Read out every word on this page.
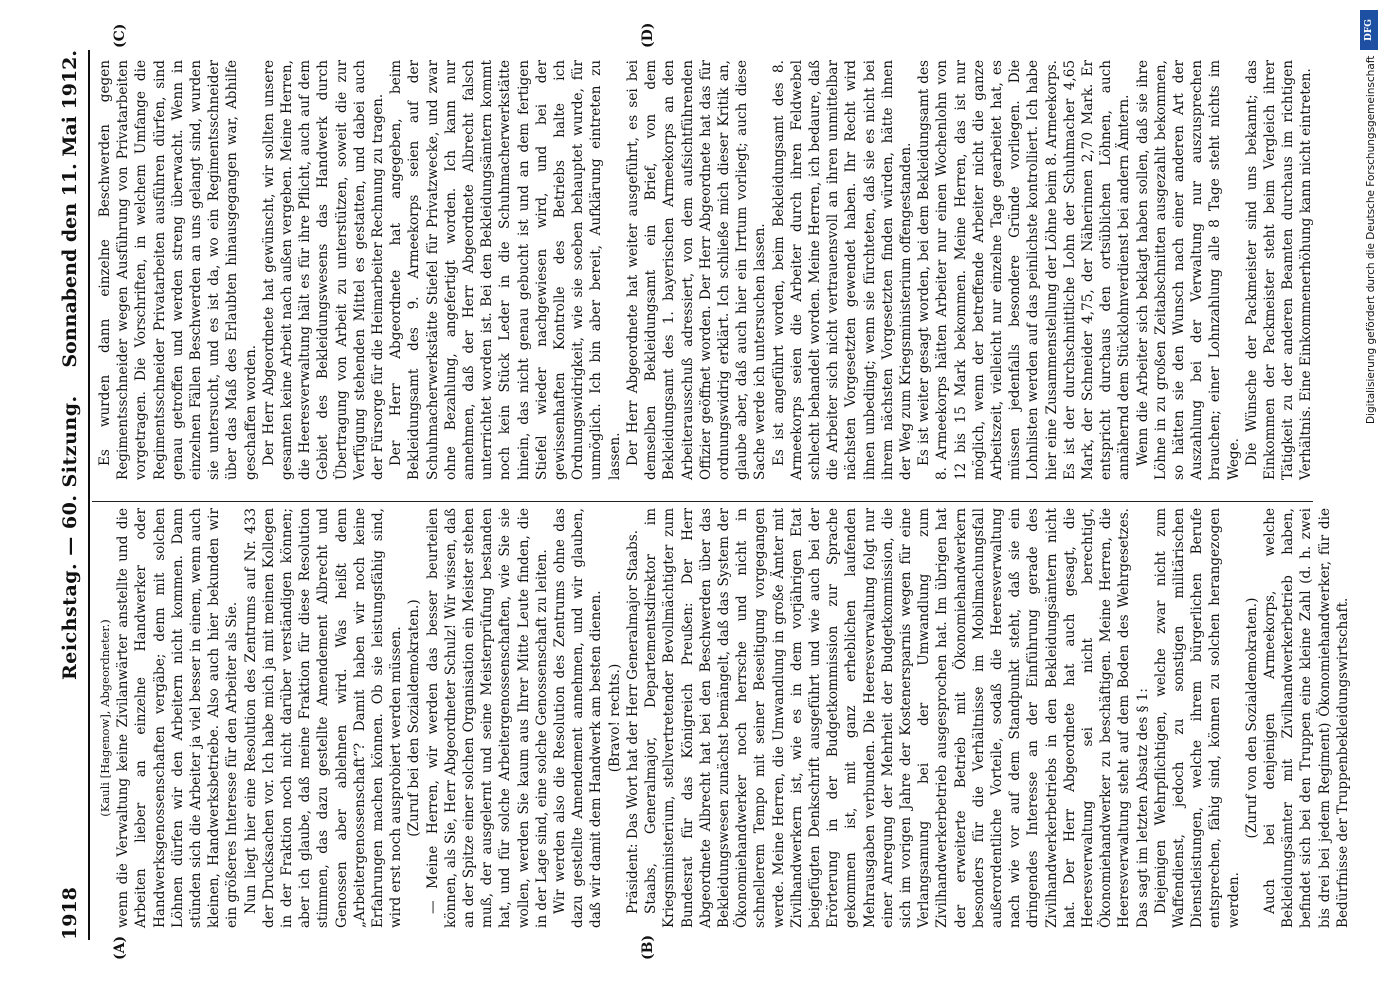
1918
Reichstag. — 60. Sitzung.
Sonnabend den 11. Mai 1912.
(A)	(B)
(C)	(D)

(Kauli [Hagenow], Abgeordneter.) wenn die Verwaltung keine Zivilanwärter anstellte und die Arbeiten lieber an einzelne Handwerker oder Handwerksgenossenschaften vergäbe; denn mit solchen Löhnen dürfen wir den Arbeitern nicht kommen. Dann stünden sich die Arbeiter ja viel besser in einem, wenn auch kleinen, Handwerksbetriebe. Also auch hier bekunden wir ein größeres Interesse für den Arbeiter als Sie. Nun liegt hier eine Resolution des Zentrums auf Nr. 433 der Drucksachen vor. Ich habe mich ja mit meinen Kollegen in der Fraktion noch nicht darüber verständigen können; aber ich glaube, daß meine Fraktion für diese Resolution stimmen, das dazu gestellte Amendement Albrecht und Genossen aber ablehnen wird. Was heißt denn „Arbeitergenossenschaft“? Damit haben wir noch keine Erfahrungen machen können. Ob sie leistungsfähig sind, wird erst noch ausprobiert werden müssen. (Zuruf bei den Sozialdemokraten.) — Meine Herren, wir werden das besser beurteilen können, als Sie, Herr Abgeordneter Schulz! Wir wissen, daß an der Spitze einer solchen Organisation ein Meister stehen muß, der ausgelernt und seine Meisterprüfung bestanden hat, und für solche Arbeitergenossenschaften, wie Sie sie wollen, werden Sie kaum aus Ihrer Mitte Leute finden, die in der Lage sind, eine solche Genossenschaft zu leiten. Wir werden also die Resolution des Zentrums ohne das dazu gestellte Amendement annehmen, und wir glauben, daß wir damit dem Handwerk am besten dienen. (Bravo! rechts.) Präsident: Das Wort hat der Herr Generalmajor Staabs. Staabs, Generalmajor, Departementsdirektor im Kriegsministerium, stellvertretender Bevollmächtigter zum Bundesrat für das Königreich Preußen: Der Herr Abgeordnete Albrecht hat bei den Beschwerden über das Bekleidungswesen zunächst bemängelt, daß das System der Ökonomiehandwerker noch herrsche und nicht in schnellerem Tempo mit seiner Beseitigung vorgegangen werde. Meine Herren, die Umwandlung in große Ämter mit Zivilhandwerkern ist, wie es in dem vorjährigen Etat beigefügten Denkschrift ausgeführt und wie auch bei der Erörterung in der Budgetkommission zur Sprache gekommen ist, mit ganz erheblichen laufenden Mehrausgaben verbunden. Die Heeresverwaltung folgt nur einer Anregung der Mehrheit der Budgetkommission, die sich im vorigen Jahre der Kostenersparnis wegen für eine Verlangsamung bei der Umwandlung zum Zivilhandwerkerbetrieb ausgesprochen hat. Im übrigen hat der erweiterte Betrieb mit Ökonomiehandwerkern besonders für die Verhältnisse im Mobilmachungsfall außerordentliche Vorteile, sodaß die Heeresverwaltung nach wie vor auf dem Standpunkt steht, daß sie ein dringendes Interesse an der Einführung gerade des Zivilhandwerkerbetriebs in den Bekleidungsämtern nicht hat. Der Herr Abgeordnete hat auch gesagt, die Heeresverwaltung sei nicht berechtigt, Ökonomiehandwerker zu beschäftigen. Meine Herren, die Heeresverwaltung steht auf dem Boden des Wehrgesetzes. Das sagt im letzten Absatz des § 1: Diejenigen Wehrpflichtigen, welche zwar nicht zum Waffendienst, jedoch zu sonstigen militärischen Dienstleistungen, welche ihrem bürgerlichen Berufe entsprechen, fähig sind, können zu solchen herangezogen werden.

(Zuruf von den Sozialdemokraten.) Auch bei denjenigen Armeekorps, welche Bekleidungsämter mit Zivilhandwerkerbetrieb haben, befindet sich bei den Truppen eine kleine Zahl (d. h. zwei bis drei bei jedem Regiment) Ökonomiehandwerker, für die Bedürfnisse der Truppenbekleidungswirtschaft.

Es wurden dann einzelne Beschwerden gegen Regimentsschneider wegen Ausführung von Privatarbeiten vorgetragen. Die Vorschriften, in welchem Umfange die Regimentsschneider Privatarbeiten ausführen dürfen, sind genau getroffen und werden streng überwacht. Wenn in einzelnen Fällen Beschwerden an uns gelangt sind, wurden sie untersucht, und es ist da, wo ein Regimentsschneider über das Maß des Erlaubten hinausgegangen war, Abhilfe geschaffen worden. Der Herr Abgeordnete hat gewünscht, wir sollten unsere gesamten keine Arbeit nach außen vergeben. Meine Herren, die Heeresverwaltung hält es für ihre Pflicht, auch auf dem Gebiet des Bekleidungswesens das Handwerk durch Übertragung von Arbeit zu unterstützen, soweit die zur Verfügung stehenden Mittel es gestatten, und dabei auch der Fürsorge für die Heimarbeiter Rechnung zu tragen. Der Herr Abgeordnete hat angegeben, beim Bekleidungsamt des 9. Armeekorps seien auf der Schuhmacherwerkstätte Stiefel für Privatzwecke, und zwar ohne Bezahlung, angefertigt worden. Ich kann nur annehmen, daß der Herr Abgeordnete Albrecht falsch unterrichtet worden ist. Bei den Bekleidungsämtern kommt noch kein Stück Leder in die Schuhmacherwerkstätte hinein, das nicht genau gebucht ist und an dem fertigen Stiefel wieder nachgewiesen wird, und bei der gewissenhaften Kontrolle des Betriebs halte ich Ordnungswidrigkeit, wie sie soeben behauptet wurde, für unmöglich. Ich bin aber bereit, Aufklärung eintreten zu lassen. Der Herr Abgeordnete hat weiter ausgeführt, es sei bei demselben Bekleidungsamt ein Brief, von dem Bekleidungsamt des 1. bayerischen Armeekorps an den Arbeiterausschuß adressiert, von dem aufsichtführenden Offizier geöffnet worden. Der Herr Abgeordnete hat das für ordnungswidrig erklärt. Ich schließe mich dieser Kritik an, glaube aber, daß auch hier ein Irrtum vorliegt; auch diese Sache werde ich untersuchen lassen. Es ist angeführt worden, beim Bekleidungsamt des 8. Armeekorps seien die Arbeiter durch ihren Feldwebel schlecht behandelt worden. Meine Herren, ich bedaure, daß die Arbeiter sich nicht vertrauensvoll an ihren unmittelbar nächsten Vorgesetzten gewendet haben. Ihr Recht wird ihnen unbedingt; wenn sie fürchteten, daß sie es nicht bei ihrem nächsten Vorgesetzten finden würden, hätte ihnen der Weg zum Kriegsministerium offengestanden. Es ist weiter gesagt worden, bei dem Bekleidungsamt des 8. Armeekorps hätten Arbeiter nur einen Wochenlohn von 12 bis 15 Mark bekommen. Meine Herren, das ist nur möglich, wenn der betreffende Arbeiter nicht die ganze Arbeitszeit, vielleicht nur einzelne Tage gearbeitet hat, es müssen jedenfalls besondere Gründe vorliegen. Die Lohnlisten werden auf das peinlichste kontrolliert. Ich habe hier eine Zusammenstellung der Löhne beim 8. Armeekorps. Es ist der durchschnittliche Lohn der Schuhmacher 4,65 Mark, der Schneider 4,75, der Näherinnen 2,70 Mark. Er entspricht durchaus den ortsüblichen Löhnen, auch annähernd dem Stücklohnverdienst bei andern Ämtern. Wenn die Arbeiter sich beklagt haben sollen, daß sie ihre Löhne in zu großen Zeitabschnitten ausgezahlt bekommen, so hätten sie den Wunsch nach einer anderen Art der Auszahlung bei der Verwaltung nur auszusprechen brauchen; einer Lohnzahlung alle 8 Tage steht nichts im Wege. Die Wünsche der Packmeister sind uns bekannt; das Einkommen der Packmeister steht beim Vergleich ihrer Tätigkeit zu der anderen Beamten durchaus im richtigen Verhältnis. Eine Einkommenerhöhung kann nicht eintreten.

DFG
Digitalisierung gefördert durch die Deutsche Forschungsgemeinschaft
